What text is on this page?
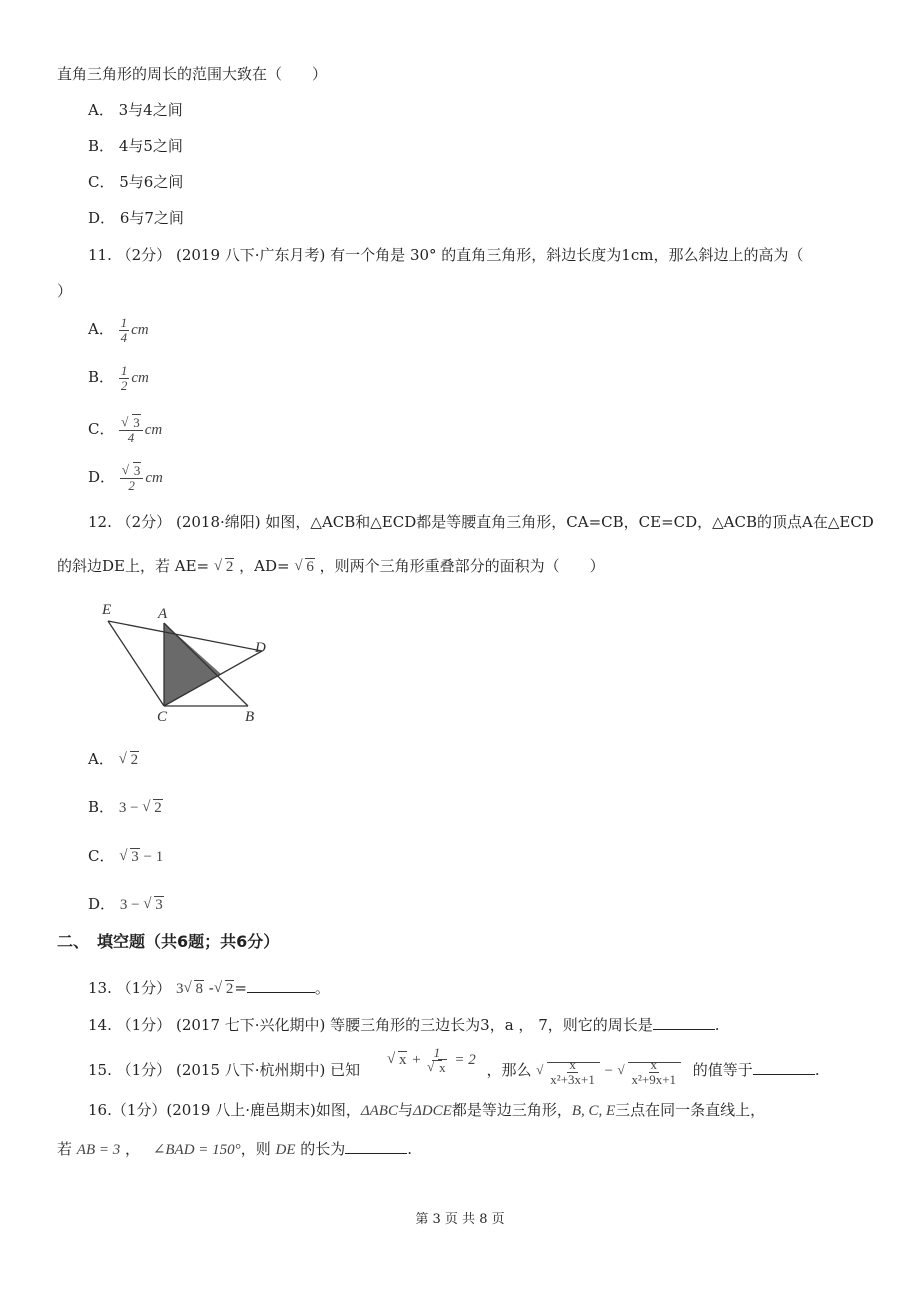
直角三角形的周长的范围大致在（　　）
A． 3与4之间
B． 4与5之间
C． 5与6之间
D． 6与7之间
11. （2分） (2019 八下·广东月考) 有一个角是 30° 的直角三角形，斜边长度为1cm，那么斜边上的高为（
）
A． $\frac{1}{4}$ cm
B． $\frac{1}{2}$ cm
C． √ $\frac{3}{4}$ cm
D． √ $\frac{3}{2}$ cm
12. （2分） (2018·绵阳) 如图，△ACB和△ECD都是等腰直角三角形，CA=CB，CE=CD，△ACB的顶点A在△ECD
的斜边DE上，若 AE= √ 2 ，AD= √ 6 ，则两个三角形重叠部分的面积为（　　）
E	A
D
C	B
A． √ 2
B． 3 − √ 2
C． √ 3 − 1
D． 3 − √ 3
二、　填空题（共6题；共6分）
13. （1分） 3 √ 8 - √ 2=	。
14. （1分） (2017 七下·兴化期中) 等腰三角形的三边长为3，a ， 7，则它的周长是	.
15. （1分） (2015 八下·杭州期中) 已知 √ x + 1
√ x = 2 ，那么 √ $\frac{x}{\text{x²+3x+1}}$ − √ $\frac{x}{\text{x²+9x+1}}$ 的值等于	.
16.（1分）(2019 八上·鹿邑期末)如图，ΔABC与ΔDCE都是等边三角形，B, C, E三点在同一条直线上，
若 AB = 3 ， ∠BAD = 150°，则 DE 的长为	.
第 3 页 共 8 页
